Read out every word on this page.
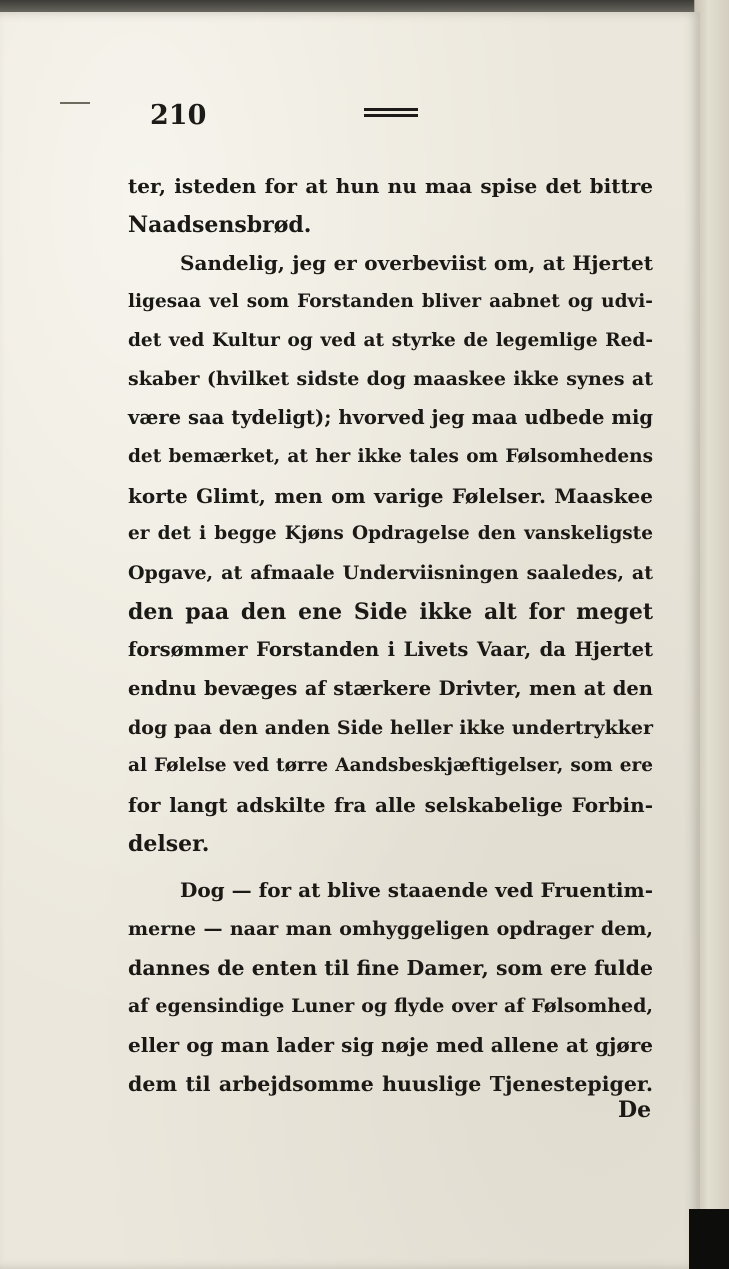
210
ter, isteden for at hun nu maa spise det bittre
Naadsensbrød.
Sandelig, jeg er overbeviist om, at Hjertet
ligesaa vel som Forstanden bliver aabnet og udvi-
det ved Kultur og ved at styrke de legemlige Red-
skaber (hvilket sidste dog maaskee ikke synes at
være saa tydeligt); hvorved jeg maa udbede mig
det bemærket, at her ikke tales om Følsomhedens
korte Glimt, men om varige Følelser. Maaskee
er det i begge Kjøns Opdragelse den vanskeligste
Opgave, at afmaale Underviisningen saaledes, at
den paa den ene Side ikke alt for meget
forsømmer Forstanden i Livets Vaar, da Hjertet
endnu bevæges af stærkere Drivter, men at den
dog paa den anden Side heller ikke undertrykker
al Følelse ved tørre Aandsbeskjæftigelser, som ere
for langt adskilte fra alle selskabelige Forbin-
delser.
Dog — for at blive staaende ved Fruentim-
merne — naar man omhyggeligen opdrager dem,
dannes de enten til fine Damer, som ere fulde
af egensindige Luner og flyde over af Følsomhed,
eller og man lader sig nøje med allene at gjøre
dem til arbejdsomme huuslige Tjenestepiger.
De
